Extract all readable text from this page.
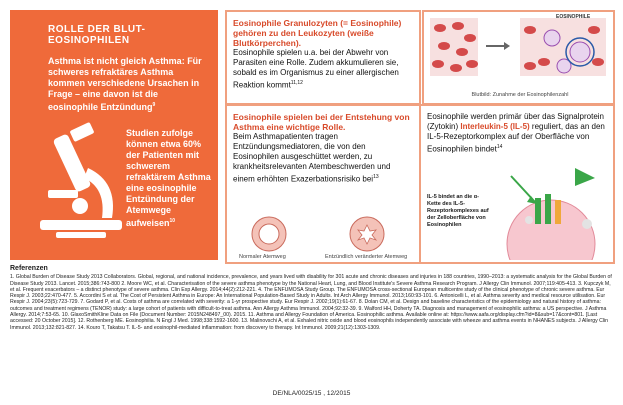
ROLLE DER BLUT-EOSINOPHILEN
Asthma ist nicht gleich Asthma: Für schweres refraktäres Asthma kommen verschiedene Ursachen in Frage – eine davon ist die eosinophile Entzündung$^9$
Studien zufolge können etwa 60% der Patienten mit schwerem refraktärem Asthma eine eosinophile Entzündung der Atemwege aufweisen$^{10}$
Eosinophile Granulozyten (= Eosinophile) gehören zu den Leukozyten (weiße Blutkörperchen).
Eosinophile spielen u.a. bei der Abwehr von Parasiten eine Rolle. Zudem akkumulieren sie, sobald es im Organismus zu einer allergischen Reaktion kommt$^{11,12}$
EOSINOPHILE
Blutbild: Zunahme der Eosinophilenzahl
Eosinophile spielen bei der Entstehung von Asthma eine wichtige Rolle.
Beim Asthmapatienten tragen Entzündungsmediatoren, die von den Eosinophilen ausgeschüttet werden, zu krankheitsrelevanten Atembeschwerden und einem erhöhten Exazerbationsrisiko bei$^{13}$
Normaler Atemweg	Entzündlich veränderter Atemweg
Eosinophile werden primär über das Signalprotein (Zytokin) Interleukin-5 (IL-5) reguliert, das an den IL-5-Rezeptorkomplex auf der Oberfläche von Eosinophilen bindet$^{14}$
IL-5 bindet an die α-Kette des IL-5-Rezeptorkomplexes auf der Zelloberfläche von Eosinophilen
Referenzen
1. Global Burden of Disease Study 2013 Collaborators. Global, regional, and national incidence, prevalence, and years lived with disability for 301 acute and chronic diseases and injuries in 188 countries, 1990–2013: a systematic analysis for the Global Burden of Disease Study 2013. Lancet. 2015;386:743-800 2. Moore WC, et al. Characterisation of the severe asthma phenotype by the National Heart, Lung, and Blood Institute's Severe Asthma Research Program. J Allergy Clin Immunol. 2007;119:405-413. 3. Kupczyk M, et al. Frequent exacerbators – a distinct phenotype of severe asthma. Clin Exp Allergy. 2014;44(2):212-221. 4. The ENFUMOSA Study Group. The ENFUMOSA cross-sectional European multicentre study of the clinical phenotype of chronic severe asthma. Eur Respir J. 2003;22:470-477. 5. Accordini S et al. The Cost of Persistent Asthma in Europe: An International Population-Based Study in Adults. Int Arch Allergy Immunol. 2013;160:93-101. 6. Antonicelli L, et al. Asthma severity and medical resource utilisation. Eur Respir J. 2004;23(5):723-729. 7. Godard P, et al. Costs of asthma are correlated with severity: a 1-yr prospective study. Eur Respir J. 2002;19(1):61-67. 8. Dolan CM, et al. Design and baseline characteristics of the epidemiology and natural history of asthma: outcomes and treatment regimens (TENOR) study: a large cohort of patients with difficult-to-treat asthma. Ann Allergy Asthma Immunol. 2004;92:32-39. 9. Walford HH, Doherty TA. Diagnosis and management of eosinophilic asthma: a US perspective. J Asthma Allergy. 2014;7:53-65. 10. GlaxoSmithKline Data on File (Document Number: 2015N248497_00). 2015. 11. Asthma and Allergy Foundation of America. Eosinophilic asthma. Available online at: https://www.aafa.org/display.cfm?id=8&sub=17&cont=801. [Last accessed: 20 October 2015]. 12. Rothenberg ME. Eosinophilia. N Engl J Med. 1998;338:1592-1600. 13. Malinovschi A, et al. Exhaled nitric oxide and blood eosinophils independently associate with wheeze and asthma events in NHANES subjects. J Allergy Clin Immunol. 2013;132:821-827. 14. Kouro T, Takatsu T. IL-5- and eosinophil-mediated inflammation: from discovery to therapy. Int Immunol. 2009;21(12):1303-1309.
DE/NLA/0025/15 , 12/2015
